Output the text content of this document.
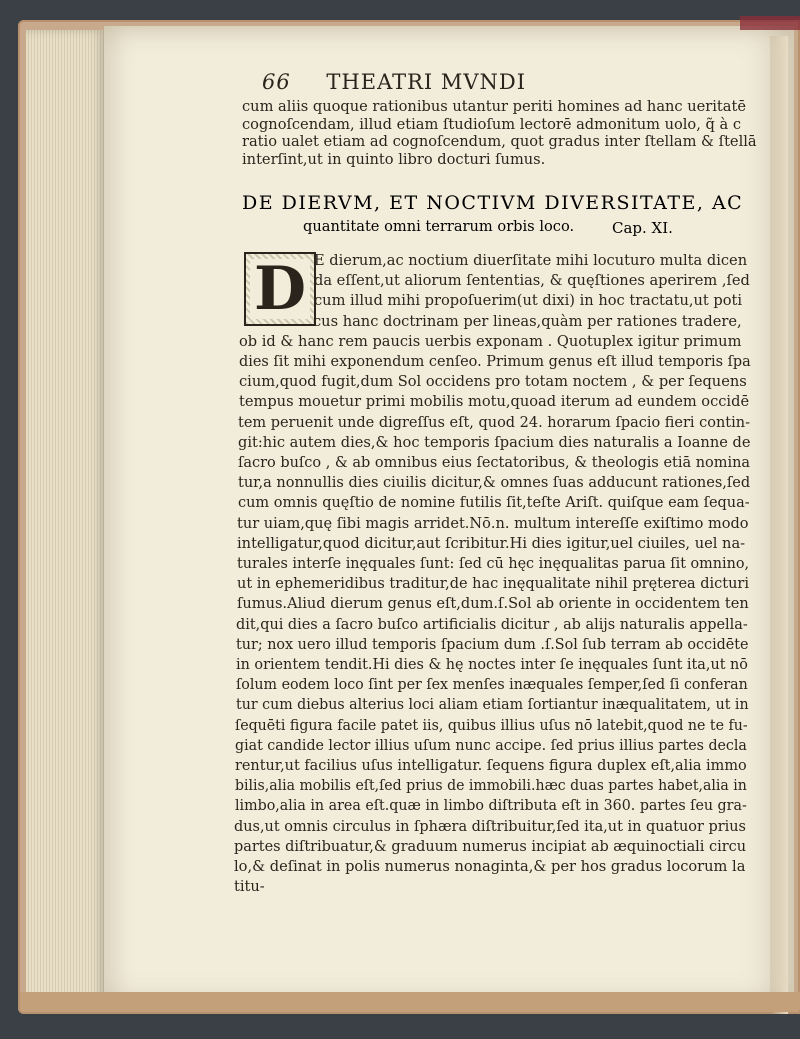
66 THEATRI MVNDI
cum aliis quoque rationibus utantur periti homines ad hanc ueritatē
cognoſcendam, illud etiam ſtudioſum lectorē admonitum uolo, q̃ à c
ratio ualet etiam ad cognoſcendum, quot gradus inter ſtellam & ſtellā
interſint,ut in quinto libro docturi ſumus.
DE DIERVM, ET NOCTIVM DIVERSITATE, AC
quantitate omni terrarum orbis loco.	Cap. XI.
D E dierum,ac noctium diuerſitate mihi locuturo multa dicen
da eſſent,ut aliorum ſententias, & quęſtiones aperirem ,ſed
cum illud mihi propoſuerim(ut dixi) in hoc tractatu,ut poti
cus hanc doctrinam per lineas,quàm per rationes tradere,
ob id & hanc rem paucis uerbis exponam . Quotuplex igitur primum
dies ſit mihi exponendum cenſeo. Primum genus eſt illud temporis ſpa
cium,quod fugit,dum Sol occidens pro totam noctem , & per ſequens
tempus mouetur primi mobilis motu,quoad iterum ad eundem occidē
tem peruenit unde digreſſus eſt, quod 24. horarum ſpacio fieri contin-
git:hic autem dies,& hoc temporis ſpacium dies naturalis a Ioanne de
ſacro buſco , & ab omnibus eius ſectatoribus, & theologis etiā nomina
tur,a nonnullis dies ciuilis dicitur,& omnes ſuas adducunt rationes,ſed
cum omnis quęſtio de nomine futilis ſit,teſte Ariſt. quiſque eam ſequa-
tur uiam,quę ſibi magis arridet.Nō.n. multum intereſſe exiſtimo modo
intelligatur,quod dicitur,aut ſcribitur.Hi dies igitur,uel ciuiles, uel na-
turales interſe inęquales ſunt: ſed cū hęc inęqualitas parua ſit omnino,
ut in ephemeridibus traditur,de hac inęqualitate nihil pręterea dicturi
ſumus.Aliud dierum genus eſt,dum.ſ.Sol ab oriente in occidentem ten
dit,qui dies a ſacro buſco artificialis dicitur , ab alijs naturalis appella-
tur; nox uero illud temporis ſpacium dum .ſ.Sol ſub terram ab occidēte
in orientem tendit.Hi dies & hę noctes inter ſe inęquales ſunt ita,ut nō
ſolum eodem loco ſint per ſex menſes inæquales ſemper,ſed ſi conferan
tur cum diebus alterius loci aliam etiam ſortiantur inæqualitatem, ut in
ſequēti figura facile patet iis, quibus illius uſus nō latebit,quod ne te fu-
giat candide lector illius uſum nunc accipe. ſed prius illius partes decla
rentur,ut facilius uſus intelligatur. ſequens figura duplex eſt,alia immo
bilis,alia mobilis eſt,ſed prius de immobili.hæc duas partes habet,alia in
limbo,alia in area eſt.quæ in limbo diſtributa eſt in 360. partes ſeu gra-
dus,ut omnis circulus in ſphæra diſtribuitur,ſed ita,ut in quatuor prius
partes diſtribuatur,& graduum numerus incipiat ab æquinoctiali circu
lo,& deſinat in polis numerus nonaginta,& per hos gradus locorum la
titu-
